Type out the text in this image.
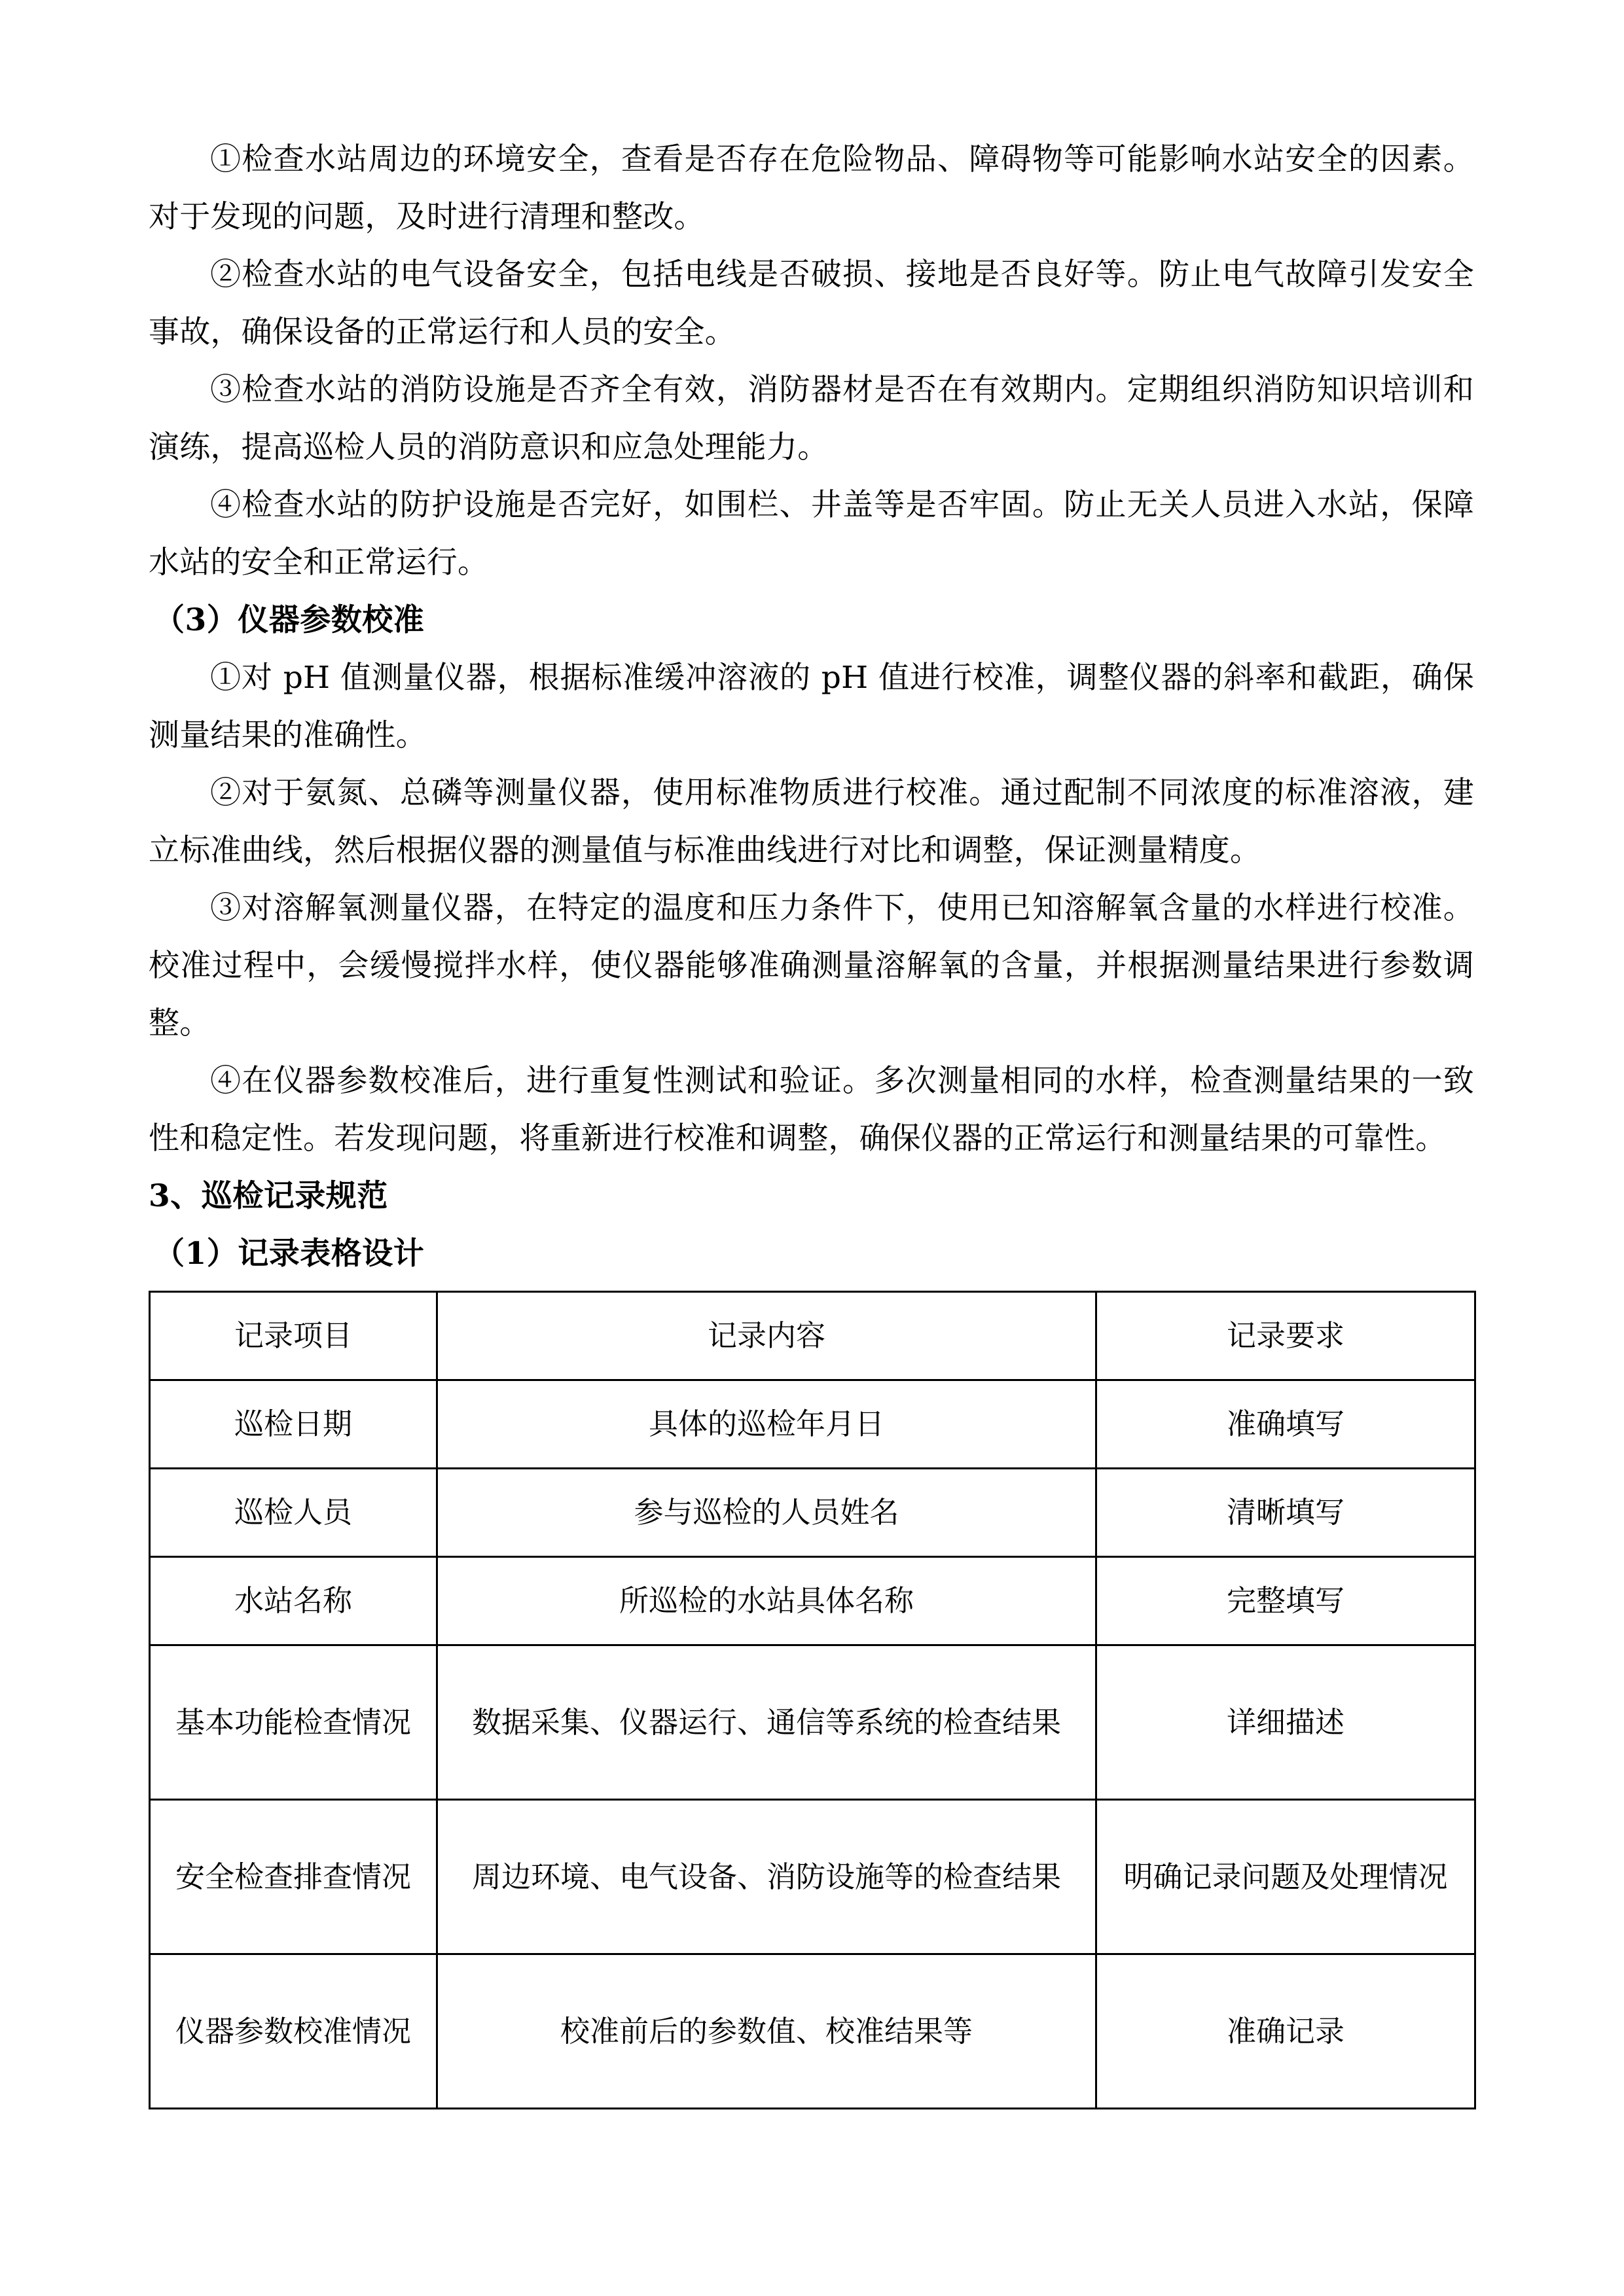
①检查水站周边的环境安全，查看是否存在危险物品、障碍物等可能影响水站安全的因素。对于发现的问题，及时进行清理和整改。

②检查水站的电气设备安全，包括电线是否破损、接地是否良好等。防止电气故障引发安全事故，确保设备的正常运行和人员的安全。

③检查水站的消防设施是否齐全有效，消防器材是否在有效期内。定期组织消防知识培训和演练，提高巡检人员的消防意识和应急处理能力。

④检查水站的防护设施是否完好，如围栏、井盖等是否牢固。防止无关人员进入水站，保障水站的安全和正常运行。

（3）仪器参数校准

①对 pH 值测量仪器，根据标准缓冲溶液的 pH 值进行校准，调整仪器的斜率和截距，确保测量结果的准确性。

②对于氨氮、总磷等测量仪器，使用标准物质进行校准。通过配制不同浓度的标准溶液，建立标准曲线，然后根据仪器的测量值与标准曲线进行对比和调整，保证测量精度。

③对溶解氧测量仪器，在特定的温度和压力条件下，使用已知溶解氧含量的水样进行校准。校准过程中，会缓慢搅拌水样，使仪器能够准确测量溶解氧的含量，并根据测量结果进行参数调整。

④在仪器参数校准后，进行重复性测试和验证。多次测量相同的水样，检查测量结果的一致性和稳定性。若发现问题，将重新进行校准和调整，确保仪器的正常运行和测量结果的可靠性。

3、巡检记录规范

（1）记录表格设计

记录项目	记录内容	记录要求
巡检日期	具体的巡检年月日	准确填写
巡检人员	参与巡检的人员姓名	清晰填写
水站名称	所巡检的水站具体名称	完整填写
基本功能检查情况	数据采集、仪器运行、通信等系统的检查结果	详细描述
安全检查排查情况	周边环境、电气设备、消防设施等的检查结果	明确记录问题及处理情况
仪器参数校准情况	校准前后的参数值、校准结果等	准确记录
